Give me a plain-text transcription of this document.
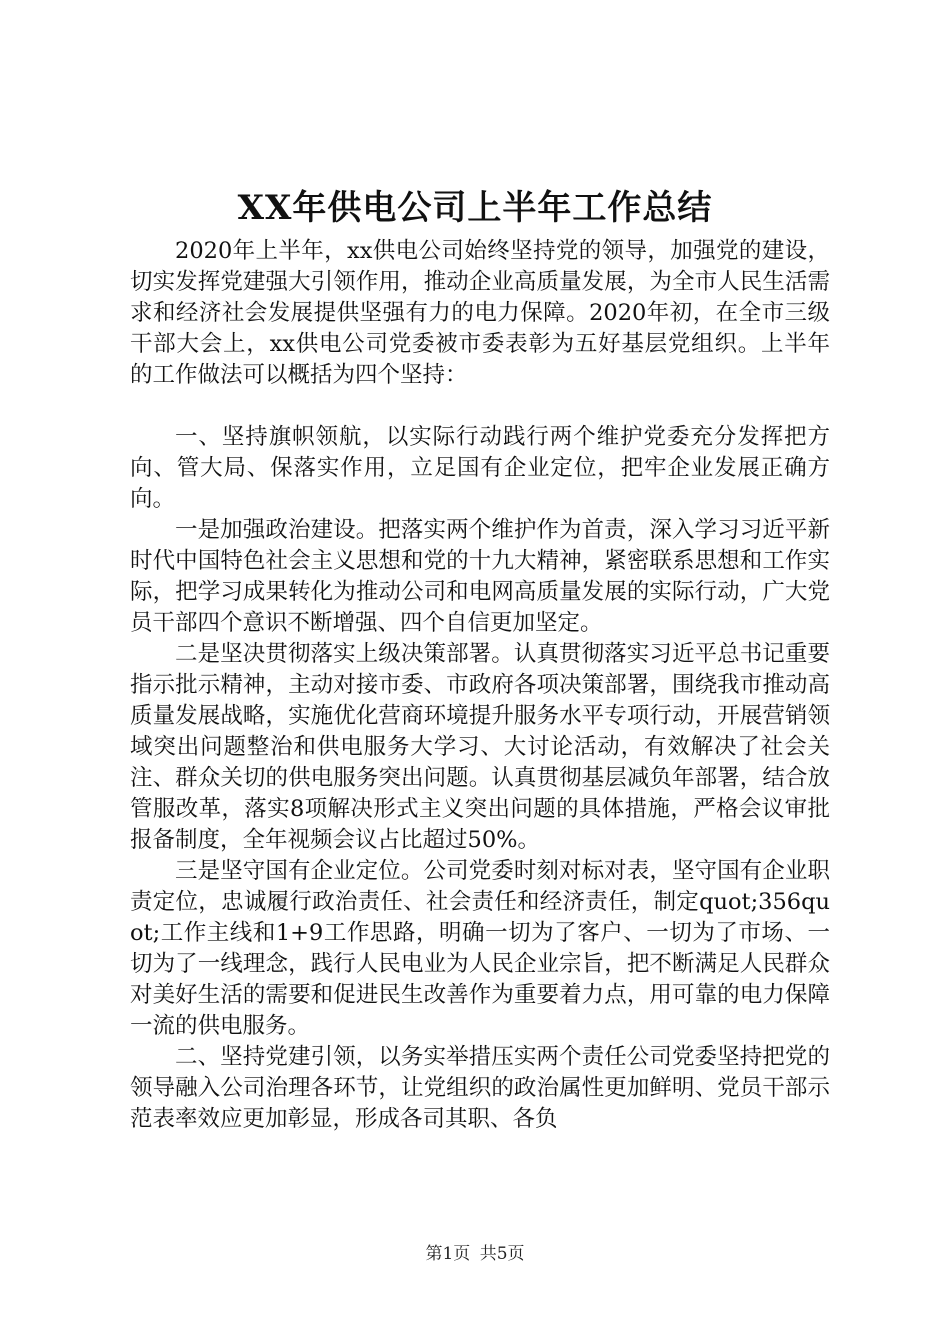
XX年供电公司上半年工作总结

2020年上半年，xx供电公司始终坚持党的领导，加强党的建设，切实发挥党建强大引领作用，推动企业高质量发展，为全市人民生活需求和经济社会发展提供坚强有力的电力保障。2020年初，在全市三级干部大会上，xx供电公司党委被市委表彰为五好基层党组织。上半年的工作做法可以概括为四个坚持：

一、坚持旗帜领航，以实际行动践行两个维护党委充分发挥把方向、管大局、保落实作用，立足国有企业定位，把牢企业发展正确方向。

一是加强政治建设。把落实两个维护作为首责，深入学习习近平新时代中国特色社会主义思想和党的十九大精神，紧密联系思想和工作实际，把学习成果转化为推动公司和电网高质量发展的实际行动，广大党员干部四个意识不断增强、四个自信更加坚定。

二是坚决贯彻落实上级决策部署。认真贯彻落实习近平总书记重要指示批示精神，主动对接市委、市政府各项决策部署，围绕我市推动高质量发展战略，实施优化营商环境提升服务水平专项行动，开展营销领域突出问题整治和供电服务大学习、大讨论活动，有效解决了社会关注、群众关切的供电服务突出问题。认真贯彻基层减负年部署，结合放管服改革，落实8项解决形式主义突出问题的具体措施，严格会议审批报备制度，全年视频会议占比超过50%。

三是坚守国有企业定位。公司党委时刻对标对表，坚守国有企业职责定位，忠诚履行政治责任、社会责任和经济责任，制定quot;356quot;工作主线和1+9工作思路，明确一切为了客户、一切为了市场、一切为了一线理念，践行人民电业为人民企业宗旨，把不断满足人民群众对美好生活的需要和促进民生改善作为重要着力点，用可靠的电力保障一流的供电服务。

二、坚持党建引领，以务实举措压实两个责任公司党委坚持把党的领导融入公司治理各环节，让党组织的政治属性更加鲜明、党员干部示范表率效应更加彰显，形成各司其职、各负

第1页 共5页
